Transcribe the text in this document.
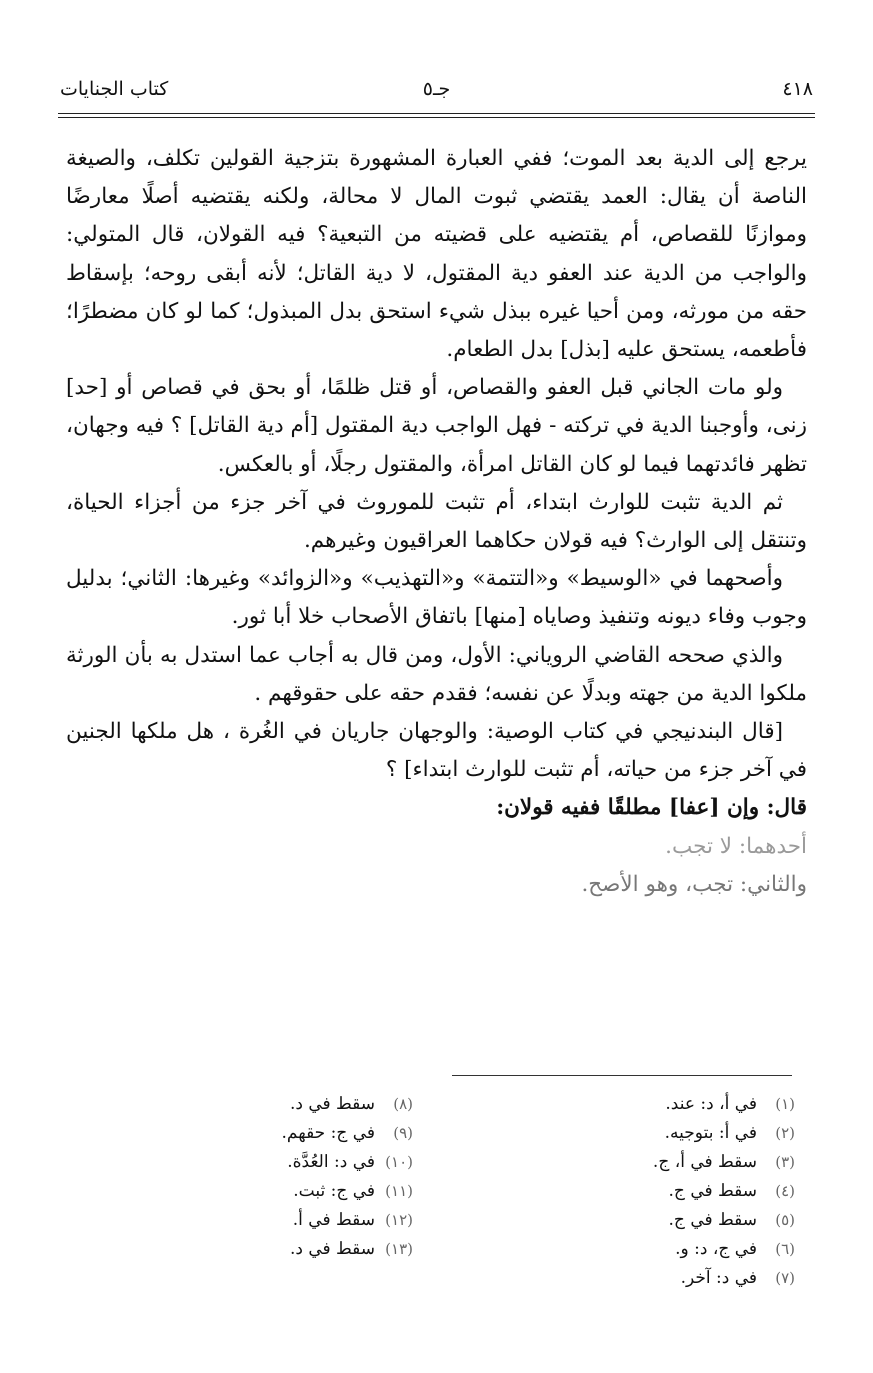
٤١٨
جـ٥
كتاب الجنايات

يرجع إلى الدية بعد الموت؛ ففي العبارة المشهورة بتزجية القولين تكلف، والصيغة الناصة أن يقال: العمد يقتضي ثبوت المال لا محالة، ولكنه يقتضيه أصلًا معارضًا وموازنًا للقصاص، أم يقتضيه على قضيته من التبعية؟ فيه القولان، قال المتولي: والواجب من الدية عند العفو دية المقتول، لا دية القاتل؛ لأنه أبقى روحه؛ بإسقاط حقه من مورثه، ومن أحيا غيره ببذل شيء استحق بدل المبذول؛ كما لو كان مضطرًا؛ فأطعمه، يستحق عليه [بذل] بدل الطعام.

ولو مات الجاني قبل العفو والقصاص، أو قتل ظلمًا، أو بحق في قصاص أو [حد] زنى، وأوجبنا الدية في تركته - فهل الواجب دية المقتول [أم دية القاتل] ؟ فيه وجهان، تظهر فائدتهما فيما لو كان القاتل امرأة، والمقتول رجلًا، أو بالعكس.

ثم الدية تثبت للوارث ابتداء، أم تثبت للموروث في آخر جزء من أجزاء الحياة، وتنتقل إلى الوارث؟ فيه قولان حكاهما العراقيون وغيرهم.

وأصحهما في «الوسيط» و«التتمة» و«التهذيب» و«الزوائد» وغيرها: الثاني؛ بدليل وجوب وفاء ديونه وتنفيذ وصاياه [منها] باتفاق الأصحاب خلا أبا ثور.

والذي صححه القاضي الروياني: الأول، ومن قال به أجاب عما استدل به بأن الورثة ملكوا الدية من جهته وبدلًا عن نفسه؛ فقدم حقه على حقوقهم .

[قال البندنيجي في كتاب الوصية: والوجهان جاريان في الغُرة ، هل ملكها الجنين في آخر جزء من حياته، أم تثبت للوارث ابتداء] ؟

قال: وإن [عفا] مطلقًا ففيه قولان:

أحدهما: لا تجب.

والثاني: تجب، وهو الأصح.

(١)في أ، د: عند.
(٢)في أ: بتوجيه.
(٣)سقط في أ، ج.
(٤)سقط في ج.
(٥)سقط في ج.
(٦)في ج، د: و.
(٧)في د: آخر.
(٨)سقط في د.
(٩)في ج: حقهم.
(١٠)في د: العُدَّة.
(١١)في ج: ثبت.
(١٢)سقط في أ.
(١٣)سقط في د.
